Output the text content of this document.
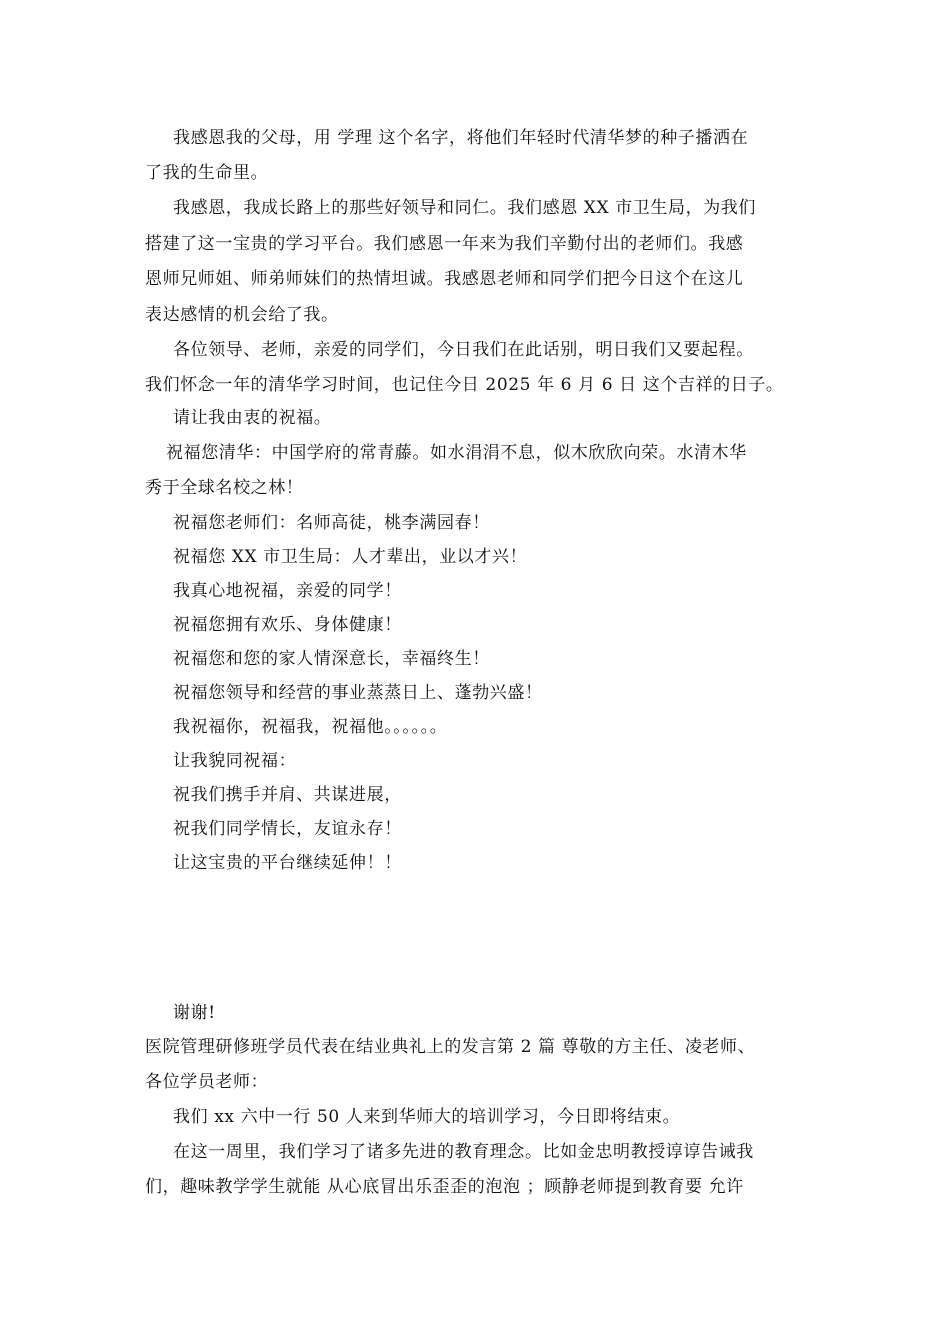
我感恩我的父母，用 学理 这个名字，将他们年轻时代清华梦的种子播洒在
了我的生命里。
我感恩，我成长路上的那些好领导和同仁。我们感恩 XX 市卫生局，为我们
搭建了这一宝贵的学习平台。我们感恩一年来为我们辛勤付出的老师们。我感
恩师兄师姐、师弟师妹们的热情坦诚。我感恩老师和同学们把今日这个在这儿
表达感情的机会给了我。
各位领导、老师，亲爱的同学们，今日我们在此话别，明日我们又要起程。
我们怀念一年的清华学习时间，也记住今日 2025 年 6 月 6 日 这个吉祥的日子。
请让我由衷的祝福。
祝福您清华：中国学府的常青藤。如水涓涓不息，似木欣欣向荣。水清木华
秀于全球名校之林！
祝福您老师们：名师高徒，桃李满园春！
祝福您 XX 市卫生局：人才辈出，业以才兴！
我真心地祝福，亲爱的同学！
祝福您拥有欢乐、身体健康！
祝福您和您的家人情深意长，幸福终生！
祝福您领导和经营的事业蒸蒸日上、蓬勃兴盛！
我祝福你，祝福我，祝福他。。。。。。
让我貌同祝福：
祝我们携手并肩、共谋进展，
祝我们同学情长，友谊永存！
让这宝贵的平台继续延伸！！
谢谢!
医院管理研修班学员代表在结业典礼上的发言第 2 篇 尊敬的方主任、凌老师、
各位学员老师：
我们 xx 六中一行 50 人来到华师大的培训学习，今日即将结束。
在这一周里，我们学习了诸多先进的教育理念。比如金忠明教授谆谆告诫我
们，趣味教学学生就能 从心底冒出乐歪歪的泡泡 ；顾静老师提到教育要 允许
